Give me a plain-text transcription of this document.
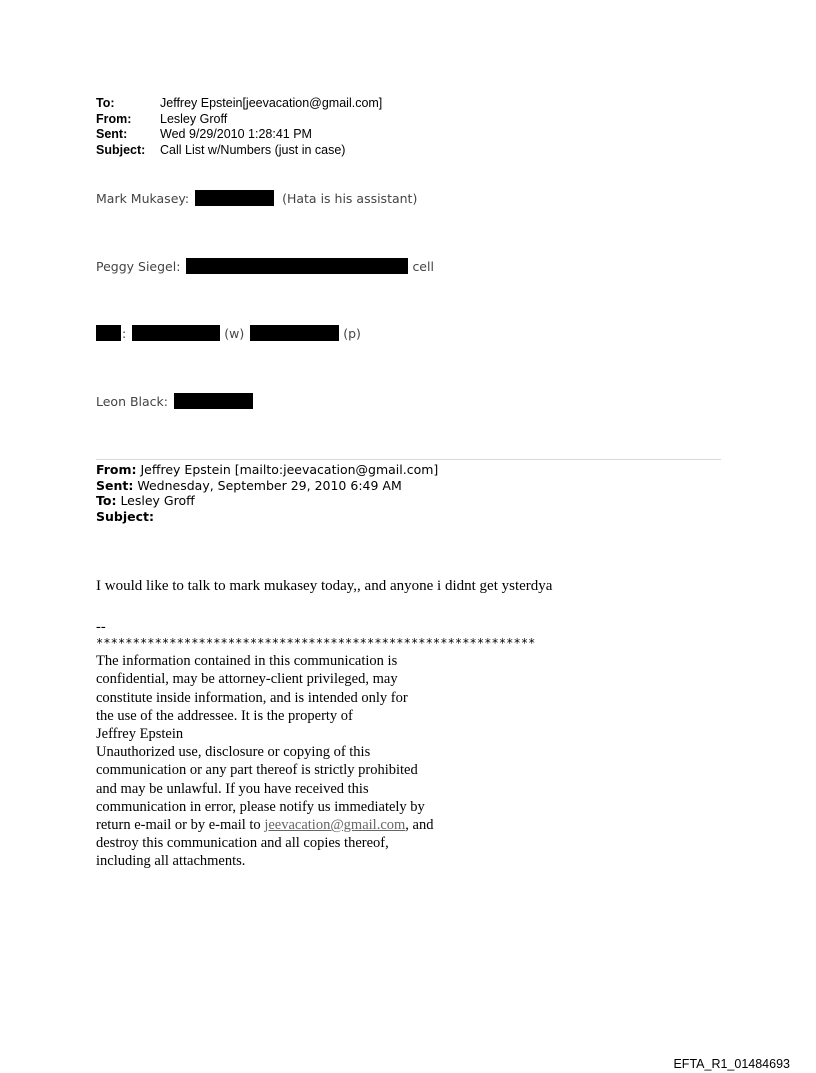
To:	Jeffrey Epstein[jeevacation@gmail.com]
From:	Lesley Groff
Sent:	Wed 9/29/2010 1:28:41 PM
Subject:	Call List w/Numbers (just in case)
Mark Mukasey:	(Hata is his assistant)
Peggy Siegel:	cell
:	(w)	(p)
Leon Black:
From: Jeffrey Epstein [mailto:jeevacation@gmail.com]
Sent: Wednesday, September 29, 2010 6:49 AM
To: Lesley Groff
Subject:
I would like to talk to mark mukasey today,, and anyone i didnt get ysterdya
--
************************************************************
The information contained in this communication is
confidential, may be attorney-client privileged, may
constitute inside information, and is intended only for
the use of the addressee. It is the property of
Jeffrey Epstein
Unauthorized use, disclosure or copying of this
communication or any part thereof is strictly prohibited
and may be unlawful. If you have received this
communication in error, please notify us immediately by
return e-mail or by e-mail to jeevacation@gmail.com, and
destroy this communication and all copies thereof,
including all attachments.
EFTA_R1_01484693
